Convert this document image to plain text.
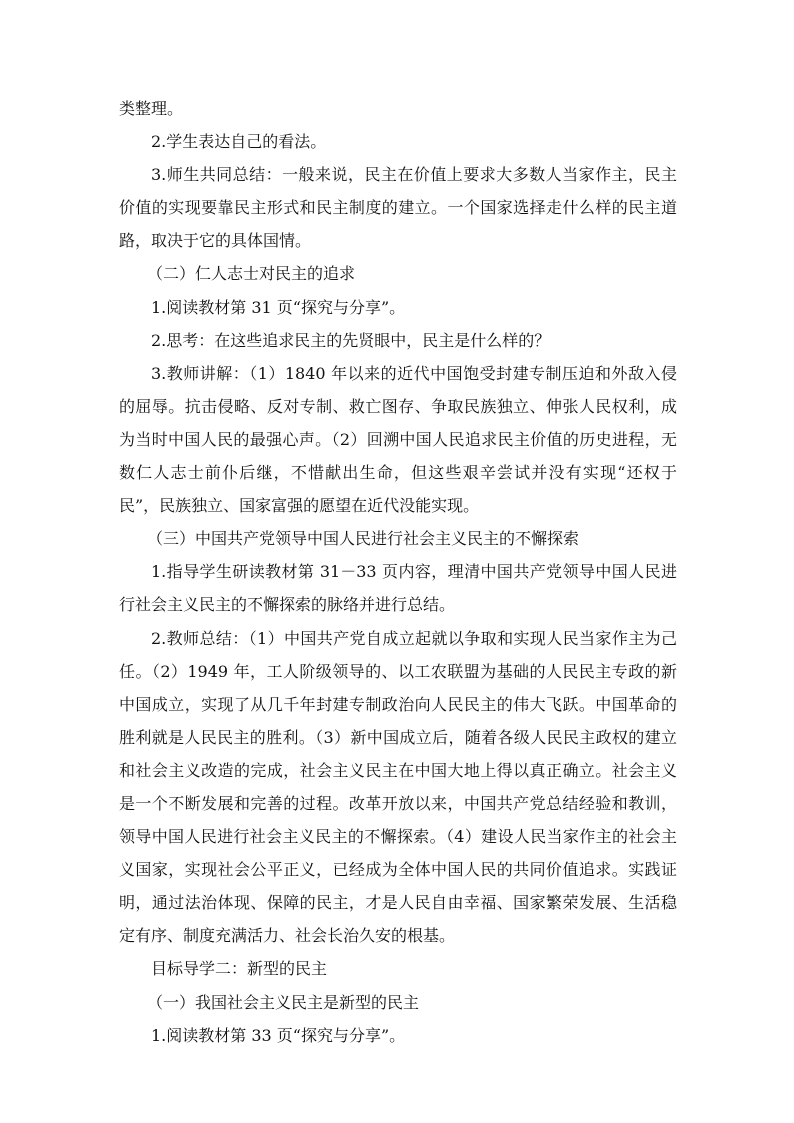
类整理。

2.学生表达自己的看法。

3.师生共同总结：一般来说，民主在价值上要求大多数人当家作主，民主价值的实现要靠民主形式和民主制度的建立。一个国家选择走什么样的民主道路，取决于它的具体国情。

（二）仁人志士对民主的追求

1.阅读教材第 31 页“探究与分享”。

2.思考：在这些追求民主的先贤眼中，民主是什么样的？

3.教师讲解：（1）1840 年以来的近代中国饱受封建专制压迫和外敌入侵的屈辱。抗击侵略、反对专制、救亡图存、争取民族独立、伸张人民权利，成为当时中国人民的最强心声。（2）回溯中国人民追求民主价值的历史进程，无数仁人志士前仆后继，不惜献出生命，但这些艰辛尝试并没有实现“还权于民”，民族独立、国家富强的愿望在近代没能实现。

（三）中国共产党领导中国人民进行社会主义民主的不懈探索

1.指导学生研读教材第 31－33 页内容，理清中国共产党领导中国人民进行社会主义民主的不懈探索的脉络并进行总结。

2.教师总结：（1）中国共产党自成立起就以争取和实现人民当家作主为己任。（2）1949 年，工人阶级领导的、以工农联盟为基础的人民民主专政的新中国成立，实现了从几千年封建专制政治向人民民主的伟大飞跃。中国革命的胜利就是人民民主的胜利。（3）新中国成立后，随着各级人民民主政权的建立和社会主义改造的完成，社会主义民主在中国大地上得以真正确立。社会主义是一个不断发展和完善的过程。改革开放以来，中国共产党总结经验和教训，领导中国人民进行社会主义民主的不懈探索。（4）建设人民当家作主的社会主义国家，实现社会公平正义，已经成为全体中国人民的共同价值追求。实践证明，通过法治体现、保障的民主，才是人民自由幸福、国家繁荣发展、生活稳定有序、制度充满活力、社会长治久安的根基。

目标导学二：新型的民主

（一）我国社会主义民主是新型的民主

1.阅读教材第 33 页“探究与分享”。
